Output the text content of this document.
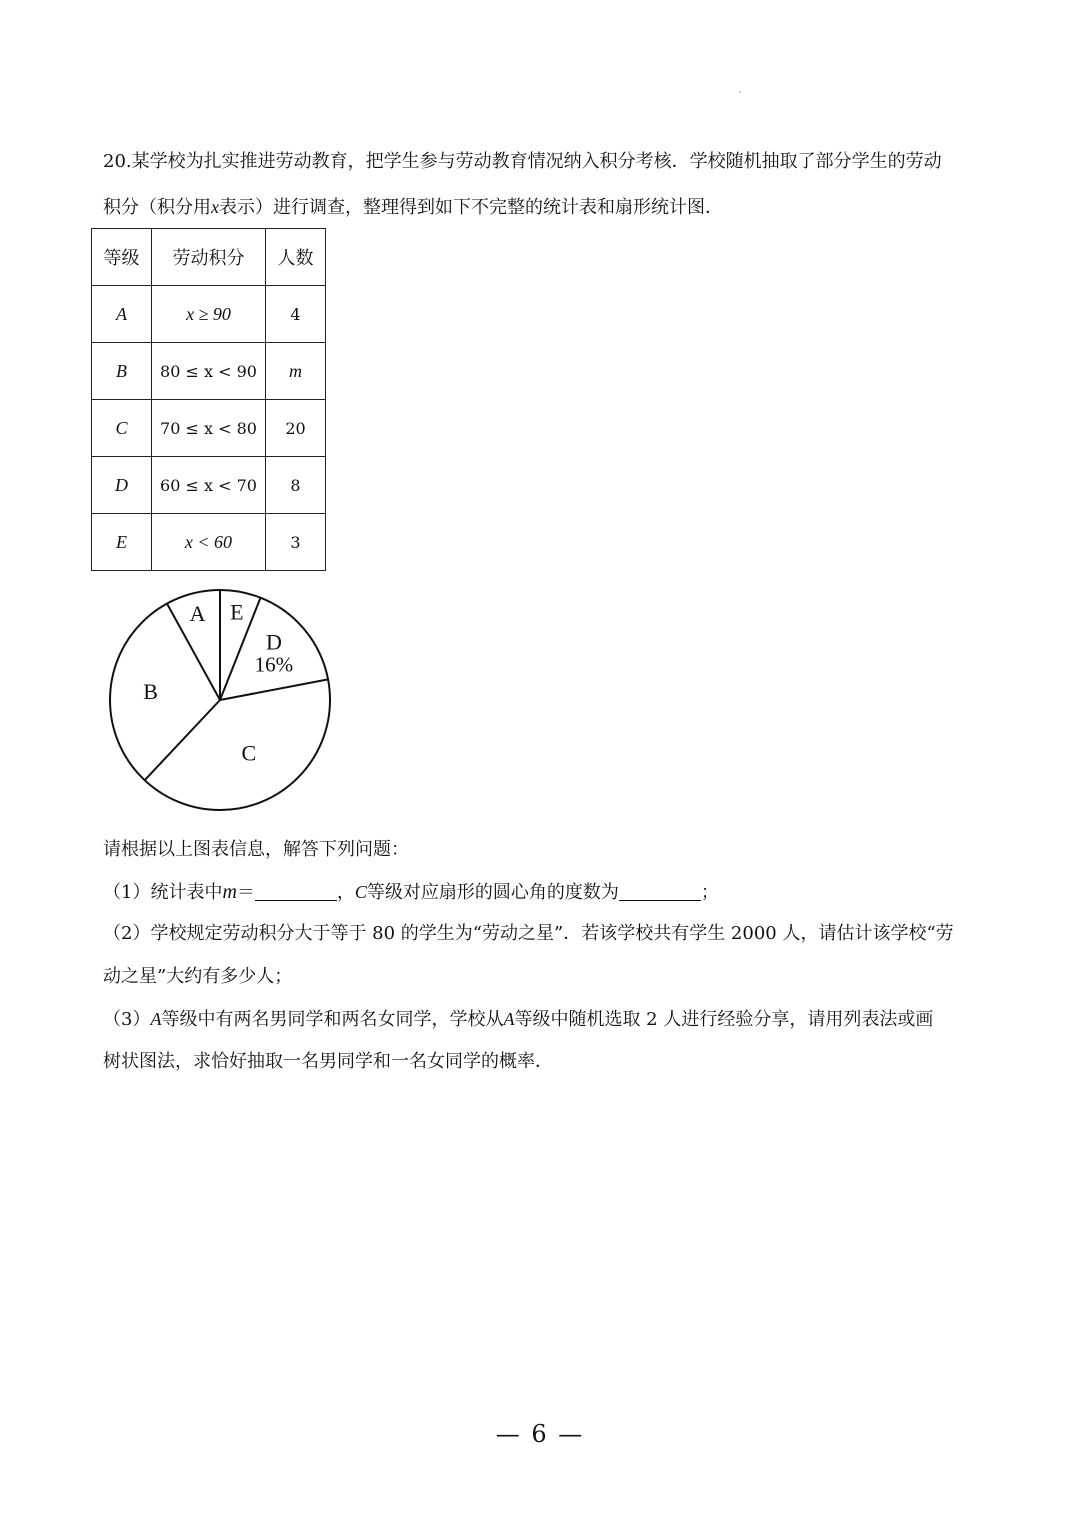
20.某学校为扎实推进劳动教育，把学生参与劳动教育情况纳入积分考核．学校随机抽取了部分学生的劳动
积分（积分用x表示）进行调查，整理得到如下不完整的统计表和扇形统计图．
等级	劳动积分	人数
A	x ≥ 90	4
B	80 ≤ x < 90	m
C	70 ≤ x < 80	20
D	60 ≤ x < 70	8
E	x < 60	3
E
D
16%
C
B
A
请根据以上图表信息，解答下列问题：
（1）统计表中m＝	，C等级对应扇形的圆心角的度数为	；
（2）学校规定劳动积分大于等于 80 的学生为“劳动之星”．若该学校共有学生 2000 人，请估计该学校“劳
动之星”大约有多少人；
（3）A等级中有两名男同学和两名女同学，学校从A等级中随机选取 2 人进行经验分享，请用列表法或画
树状图法，求恰好抽取一名男同学和一名女同学的概率．
— 6 —
